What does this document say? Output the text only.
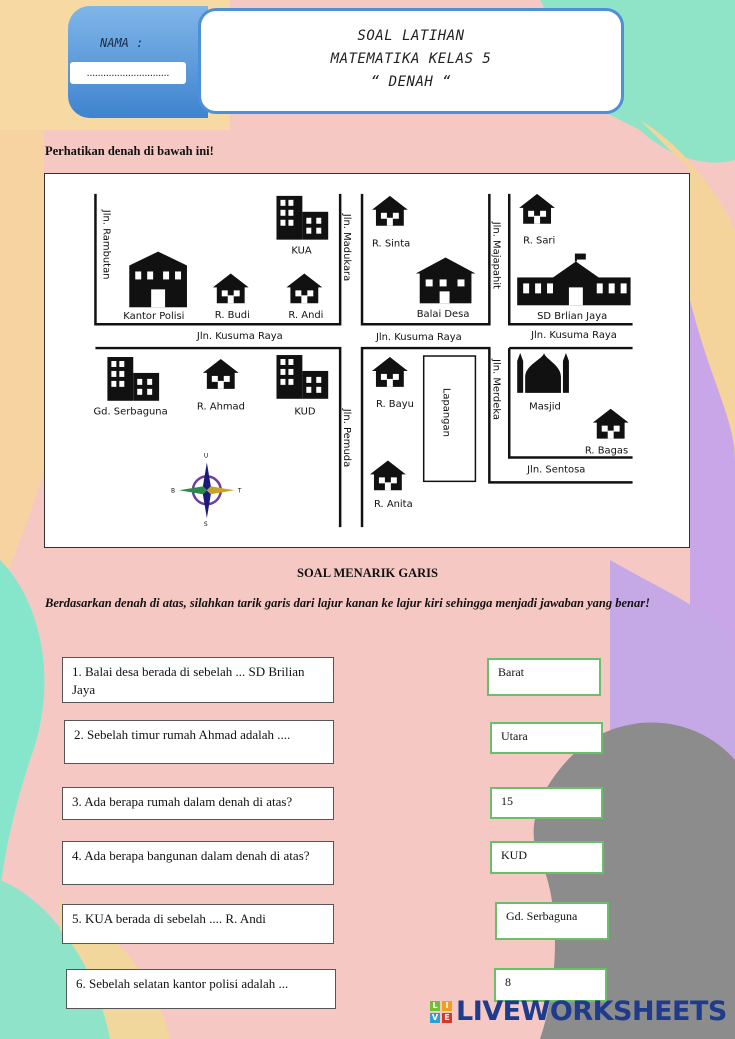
NAMA :
..............................
SOAL LATIHAN
MATEMATIKA KELAS 5
“ DENAH “
Perhatikan denah di bawah ini!
KUA
Kantor Polisi	R. Budi	R. Andi
R. Sinta
Balai Desa
R. Sari
SD Brlian Jaya
Gd. Serbaguna	R. Ahmad	KUD
R. Bayu	Lapangan
R. Anita
Masjid
R. Bagas
Jln. Rambutan	Jln. Madukara	Jln. Majapahit
Jln. Kusuma Raya	Jln. Kusuma Raya	Jln. Kusuma Raya
Jln. Pemuda
Jln. Merdeka
Jln. Sentosa
U
S
B	T
SOAL MENARIK GARIS
Berdasarkan denah di atas, silahkan tarik garis dari lajur kanan ke lajur kiri sehingga menjadi jawaban yang benar!
1. Balai desa berada di sebelah ... SD Brilian Jaya
2. Sebelah timur rumah Ahmad adalah ....
3. Ada berapa rumah dalam denah di atas?
4. Ada berapa bangunan dalam denah di atas?
5. KUA berada di sebelah .... R. Andi
6. Sebelah selatan kantor polisi adalah ...
Barat
Utara
15
KUD
Gd. Serbaguna
8
L I
V E LIVEWORKSHEETS
